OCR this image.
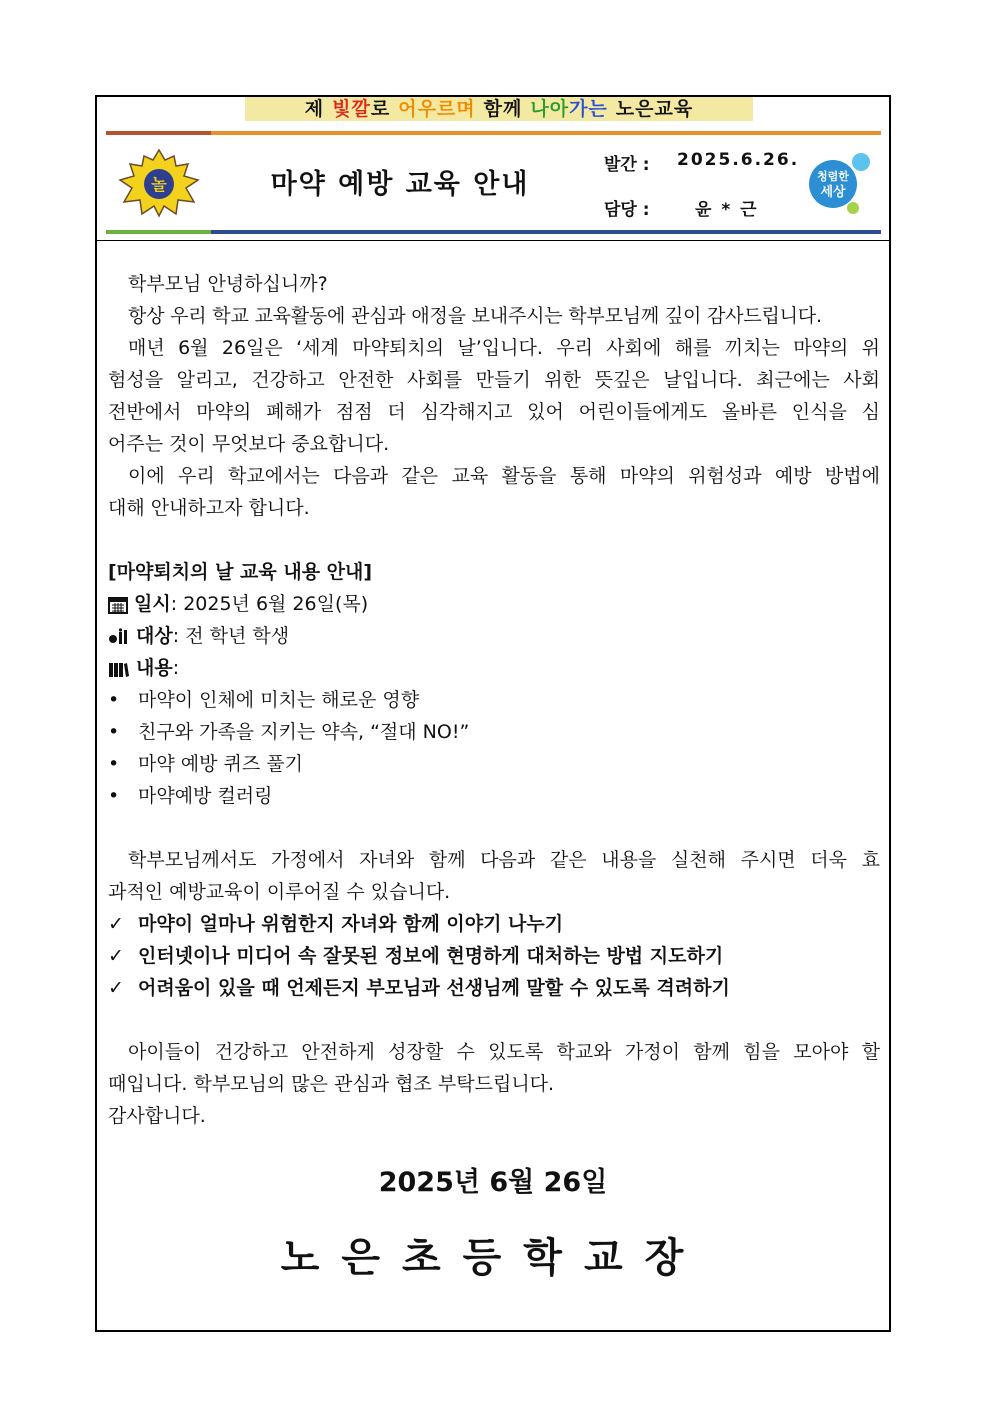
제 빛깔로 어우르며 함께 나아가는 노은교육
놀	마약 예방 교육 안내
발간 : 2025.6.26.
담당 :	윤 * 근
청렴한
세상

학부모님 안녕하십니까?

항상 우리 학교 교육활동에 관심과 애정을 보내주시는 학부모님께 깊이 감사드립니다.

매년 6월 26일은 ‘세계 마약퇴치의 날’입니다. 우리 사회에 해를 끼치는 마약의 위

험성을 알리고, 건강하고 안전한 사회를 만들기 위한 뜻깊은 날입니다. 최근에는 사회

전반에서 마약의 폐해가 점점 더 심각해지고 있어 어린이들에게도 올바른 인식을 심

어주는 것이 무엇보다 중요합니다.

이에 우리 학교에서는 다음과 같은 교육 활동을 통해 마약의 위험성과 예방 방법에

대해 안내하고자 합니다.

[마약퇴치의 날 교육 내용 안내]

일시: 2025년 6월 26일(목)

대상: 전 학년 학생

내용:

• 마약이 인체에 미치는 해로운 영향
• 친구와 가족을 지키는 약속, “절대 NO!”
• 마약 예방 퀴즈 풀기
• 마약예방 컬러링

학부모님께서도 가정에서 자녀와 함께 다음과 같은 내용을 실천해 주시면 더욱 효

과적인 예방교육이 이루어질 수 있습니다.

✓ 마약이 얼마나 위험한지 자녀와 함께 이야기 나누기
✓ 인터넷이나 미디어 속 잘못된 정보에 현명하게 대처하는 방법 지도하기
✓ 어려움이 있을 때 언제든지 부모님과 선생님께 말할 수 있도록 격려하기

아이들이 건강하고 안전하게 성장할 수 있도록 학교와 가정이 함께 힘을 모아야 할

때입니다. 학부모님의 많은 관심과 협조 부탁드립니다.

감사합니다.

2025년 6월 26일
노은초등학교장
